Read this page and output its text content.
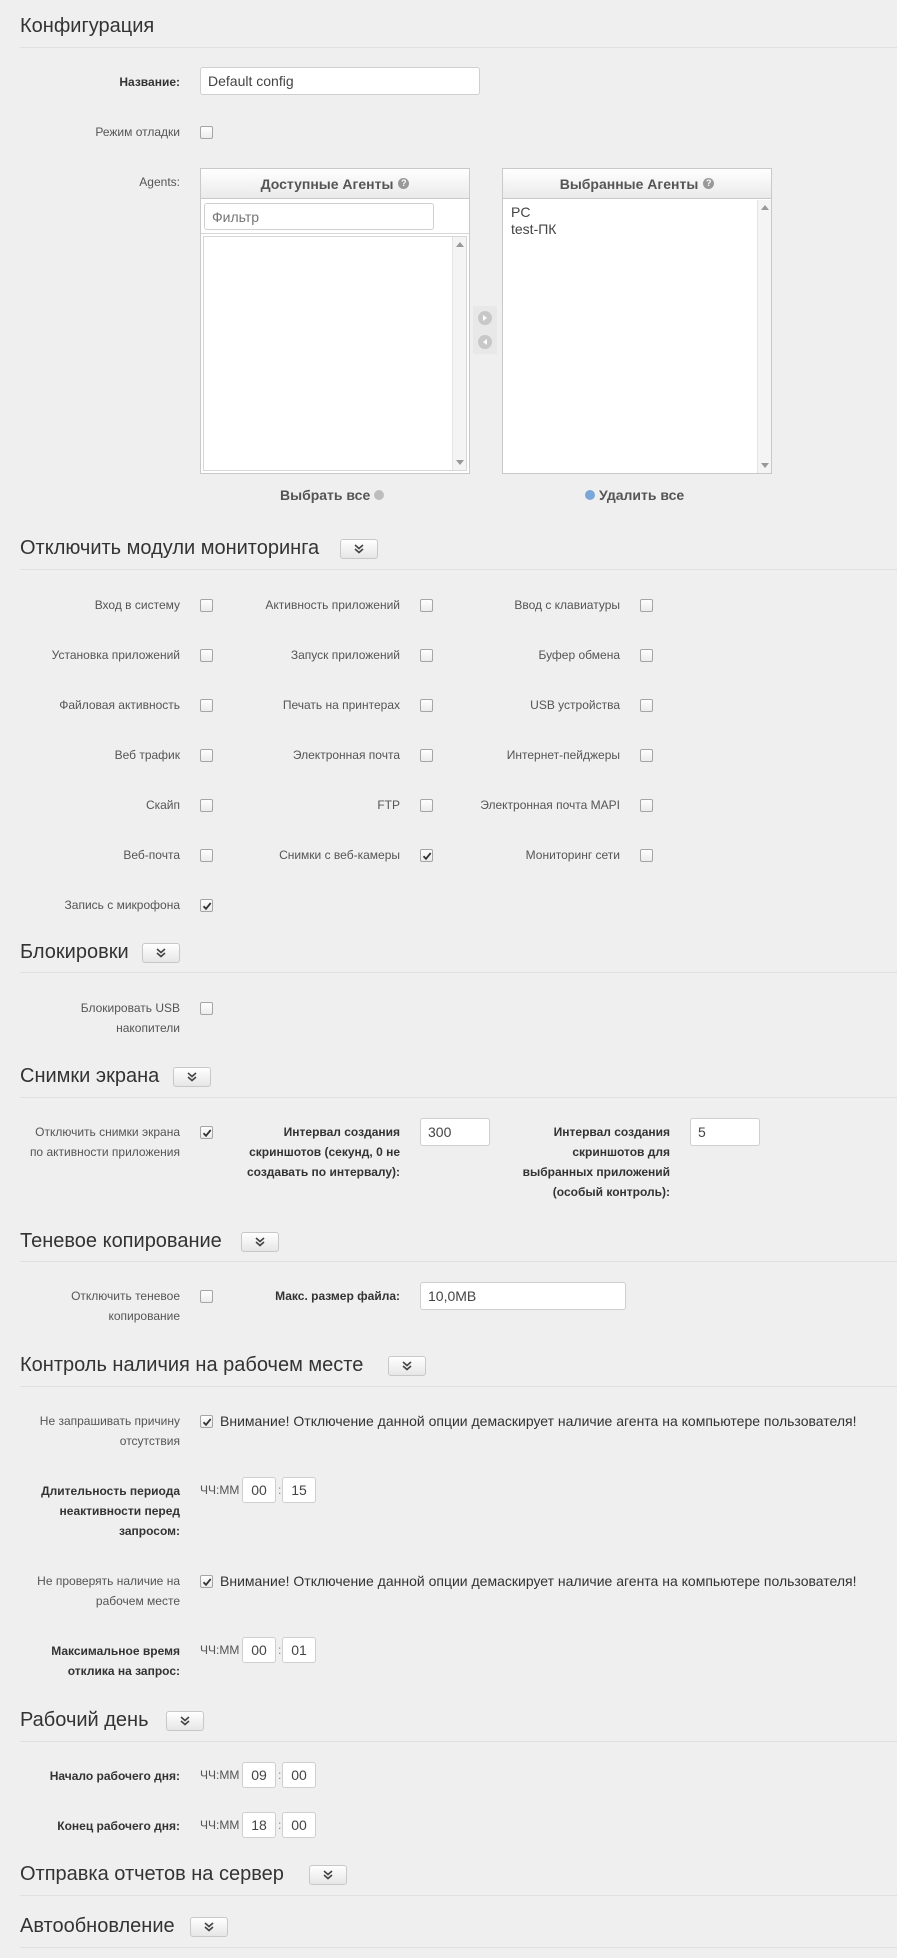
Конфигурация
Название:
Default config
Режим отладки
Agents:	Доступные Агенты ?
Фильтр	Выбранные Агенты ?
PC
test-ПК
Выбрать все	Удалить все
Отключить модули мониторинга
Вход в систему	Активность приложений	Ввод с клавиатуры
Установка приложений	Запуск приложений	Буфер обмена
Файловая активность	Печать на принтерах	USB устройства
Веб трафик	Электронная почта	Интернет-пейджеры
Скайп	FTP	Электронная почта MAPI
Веб-почта	Снимки с веб-камеры	Мониторинг сети
Запись с микрофона
Блокировки
Блокировать USB
накопители
Снимки экрана
Отключить снимки экрана
по активности приложения
Интервал создания
скриншотов (секунд, 0 не
создавать по интервалу):
300
Интервал создания
скриншотов для
выбранных приложений
(особый контроль):
5
Теневое копирование
Отключить теневое
копирование
Макс. размер файла:
10,0MB
Контроль наличия на рабочем месте
Не запрашивать причину
отсутствия
Внимание! Отключение данной опции демаскирует наличие агента на компьютере пользователя!
Длительность периода
неактивности перед
запросом:
ЧЧ:ММ
00	:
15
Не проверять наличие на
рабочем месте
Внимание! Отключение данной опции демаскирует наличие агента на компьютере пользователя!
Максимальное время
отклика на запрос:
ЧЧ:ММ
00	:
01
Рабочий день
Начало рабочего дня: ЧЧ:ММ
09	:
00
Конец рабочего дня: ЧЧ:ММ
18	:
00
Отправка отчетов на сервер
Автообновление
